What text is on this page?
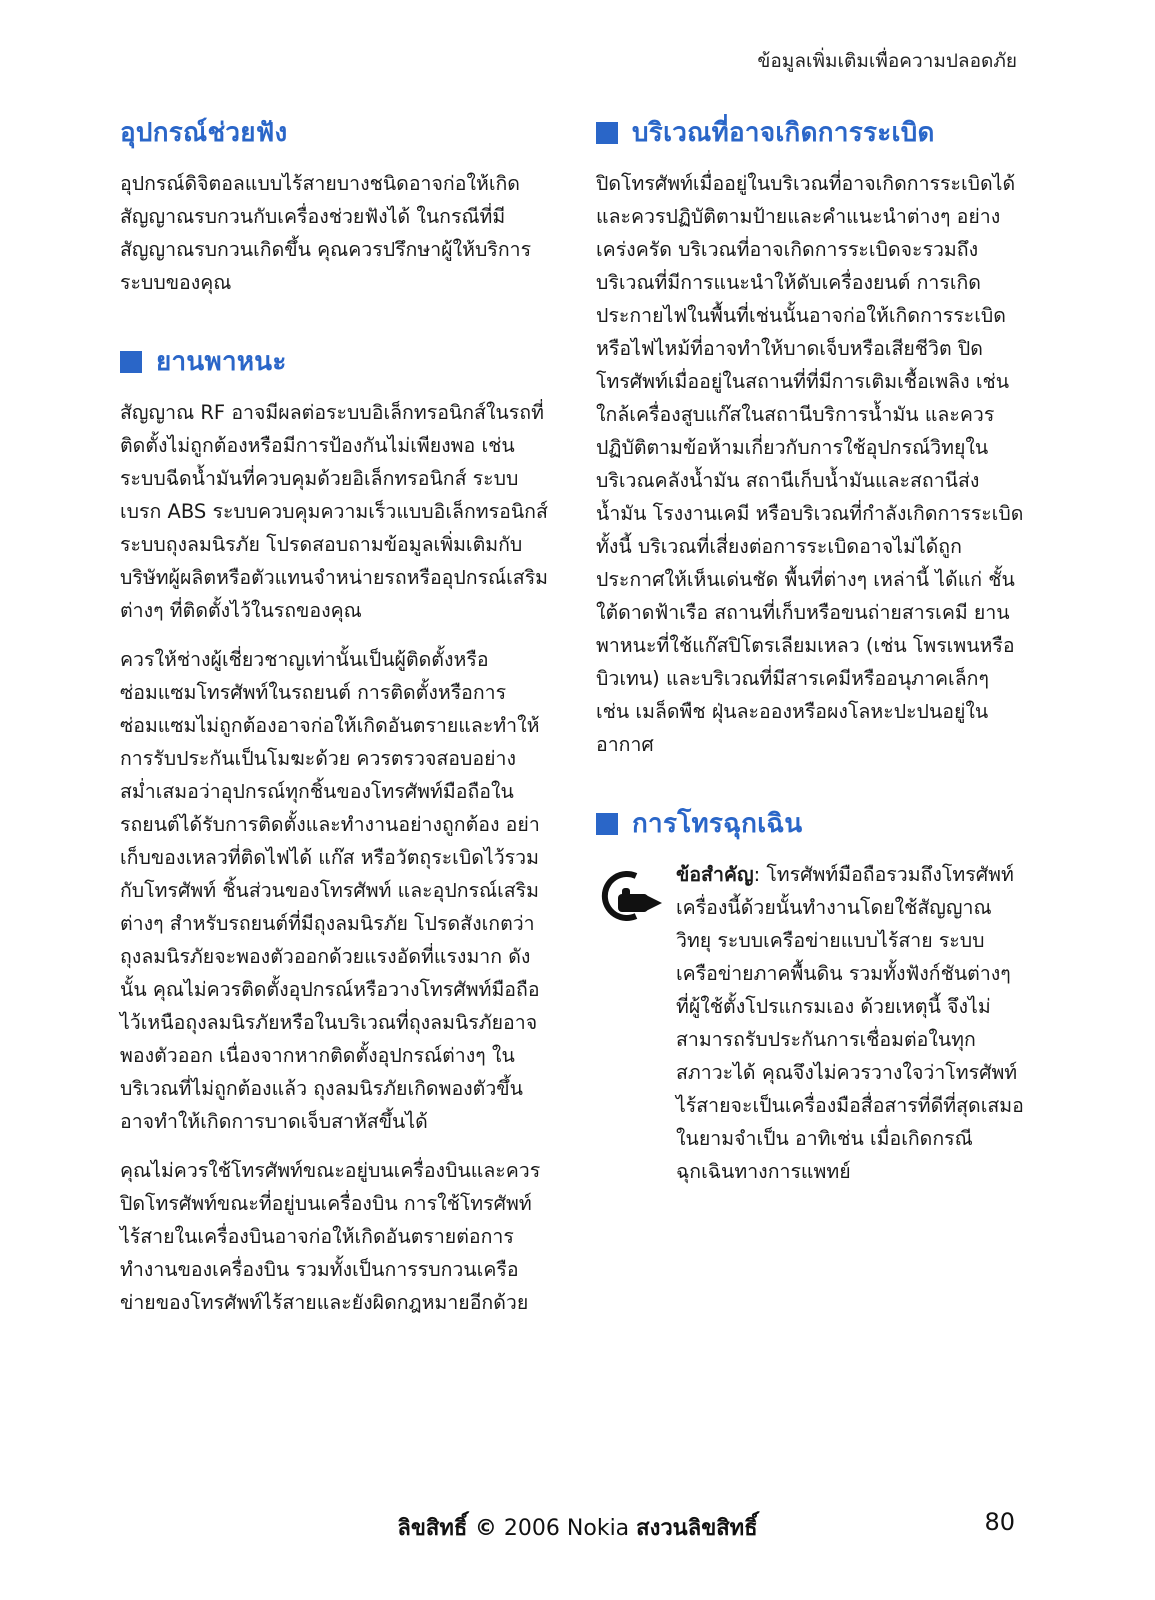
ข้อมูลเพิ่มเติมเพื่อความปลอดภัย
อุปกรณ์ช่วยฟัง

อุปกรณ์ดิจิตอลแบบไร้สายบางชนิดอาจก่อให้เกิดสัญญาณรบกวนกับเครื่องช่วยฟังได้ ในกรณีที่มีสัญญาณรบกวนเกิดขึ้น คุณควรปรึกษาผู้ให้บริการระบบของคุณ

ยานพาหนะ

สัญญาณ RF อาจมีผลต่อระบบอิเล็กทรอนิกส์ในรถที่ติดตั้งไม่ถูกต้องหรือมีการป้องกันไม่เพียงพอ เช่น ระบบฉีดน้ำมันที่ควบคุมด้วยอิเล็กทรอนิกส์ ระบบเบรก ABS ระบบควบคุมความเร็วแบบอิเล็กทรอนิกส์ ระบบถุงลมนิรภัย โปรดสอบถามข้อมูลเพิ่มเติมกับบริษัทผู้ผลิตหรือตัวแทนจำหน่ายรถหรืออุปกรณ์เสริมต่างๆ ที่ติดตั้งไว้ในรถของคุณ

ควรให้ช่างผู้เชี่ยวชาญเท่านั้นเป็นผู้ติดตั้งหรือซ่อมแซมโทรศัพท์ในรถยนต์ การติดตั้งหรือการซ่อมแซมไม่ถูกต้องอาจก่อให้เกิดอันตรายและทำให้การรับประกันเป็นโมฆะด้วย ควรตรวจสอบอย่างสม่ำเสมอว่าอุปกรณ์ทุกชิ้นของโทรศัพท์มือถือในรถยนต์ได้รับการติดตั้งและทำงานอย่างถูกต้อง อย่าเก็บของเหลวที่ติดไฟได้ แก๊ส หรือวัตถุระเบิดไว้รวมกับโทรศัพท์ ชิ้นส่วนของโทรศัพท์ และอุปกรณ์เสริมต่างๆ สำหรับรถยนต์ที่มีถุงลมนิรภัย โปรดสังเกตว่าถุงลมนิรภัยจะพองตัวออกด้วยแรงอัดที่แรงมาก ดังนั้น คุณไม่ควรติดตั้งอุปกรณ์หรือวางโทรศัพท์มือถือไว้เหนือถุงลมนิรภัยหรือในบริเวณที่ถุงลมนิรภัยอาจพองตัวออก เนื่องจากหากติดตั้งอุปกรณ์ต่างๆ ในบริเวณที่ไม่ถูกต้องแล้ว ถุงลมนิรภัยเกิดพองตัวขึ้น อาจทำให้เกิดการบาดเจ็บสาหัสขึ้นได้

คุณไม่ควรใช้โทรศัพท์ขณะอยู่บนเครื่องบินและควรปิดโทรศัพท์ขณะที่อยู่บนเครื่องบิน การใช้โทรศัพท์ไร้สายในเครื่องบินอาจก่อให้เกิดอันตรายต่อการทำงานของเครื่องบิน รวมทั้งเป็นการรบกวนเครือข่ายของโทรศัพท์ไร้สายและยังผิดกฎหมายอีกด้วย

บริเวณที่อาจเกิดการระเบิด

ปิดโทรศัพท์เมื่ออยู่ในบริเวณที่อาจเกิดการระเบิดได้ และควรปฏิบัติตามป้ายและคำแนะนำต่างๆ อย่างเคร่งครัด บริเวณที่อาจเกิดการระเบิดจะรวมถึงบริเวณที่มีการแนะนำให้ดับเครื่องยนต์ การเกิดประกายไฟในพื้นที่เช่นนั้นอาจก่อให้เกิดการระเบิดหรือไฟไหม้ที่อาจทำให้บาดเจ็บหรือเสียชีวิต ปิดโทรศัพท์เมื่ออยู่ในสถานที่ที่มีการเติมเชื้อเพลิง เช่น ใกล้เครื่องสูบแก๊สในสถานีบริการน้ำมัน และควรปฏิบัติตามข้อห้ามเกี่ยวกับการใช้อุปกรณ์วิทยุในบริเวณคลังน้ำมัน สถานีเก็บน้ำมันและสถานีส่งน้ำมัน โรงงานเคมี หรือบริเวณที่กำลังเกิดการระเบิด ทั้งนี้ บริเวณที่เสี่ยงต่อการระเบิดอาจไม่ได้ถูกประกาศให้เห็นเด่นชัด พื้นที่ต่างๆ เหล่านี้ ได้แก่ ชั้นใต้ดาดฟ้าเรือ สถานที่เก็บหรือขนถ่ายสารเคมี ยานพาหนะที่ใช้แก๊สปิโตรเลียมเหลว (เช่น โพรเพนหรือบิวเทน) และบริเวณที่มีสารเคมีหรืออนุภาคเล็กๆ เช่น เมล็ดพืช ฝุ่นละอองหรือผงโลหะปะปนอยู่ในอากาศ

การโทรฉุกเฉิน
ข้อสำคัญ: โทรศัพท์มือถือรวมถึงโทรศัพท์เครื่องนี้ด้วยนั้นทำงานโดยใช้สัญญาณวิทยุ ระบบเครือข่ายแบบไร้สาย ระบบเครือข่ายภาคพื้นดิน รวมทั้งฟังก์ชันต่างๆ ที่ผู้ใช้ตั้งโปรแกรมเอง ด้วยเหตุนี้ จึงไม่สามารถรับประกันการเชื่อมต่อในทุกสภาวะได้ คุณจึงไม่ควรวางใจว่าโทรศัพท์ไร้สายจะเป็นเครื่องมือสื่อสารที่ดีที่สุดเสมอในยามจำเป็น อาทิเช่น เมื่อเกิดกรณีฉุกเฉินทางการแพทย์
ลิขสิทธิ์ © 2006 Nokia สงวนลิขสิทธิ์	80
